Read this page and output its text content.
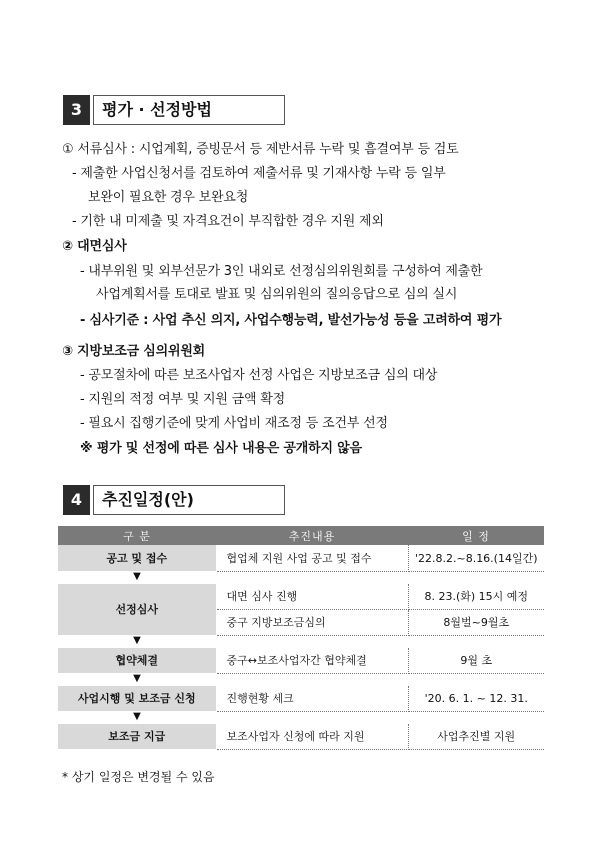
3	평가 · 선정방법
① 서류심사 : 시업계획, 증빙문서 등 제반서류 누락 및 흠결여부 등 검토
- 제출한 사업신청서를 검토하여 제출서류 및 기재사항 누락 등 일부
보완이 필요한 경우 보완요청
- 기한 내 미제출 및 자격요건이 부직합한 경우 지원 제외
② 대면심사
- 내부위원 및 외부선문가 3인 내외로 선정심의위원회를 구성하여 제출한
사업계획서를 토대로 발표 및 심의위원의 질의응답으로 심의 실시
- 심사기준 : 사업 추신 의지, 사업수행능력, 발선가능성 등을 고려하여 평가
③ 지방보조금 심의위원회
- 공모절차에 따른 보조사업자 선정 사업은 지방보조금 심의 대상
- 지원의 적정 여부 및 지원 금액 확정
- 필요시 집행기준에 맞게 사업비 재조정 등 조건부 선정
※ 평가 및 선정에 따른 심사 내용은 공개하지 않음
4	추진일정(안)
구 분	추진내용	일 정
공고 및 접수	협업체 지원 사업 공고 및 접수	'22.8.2.~8.16.(14일간)
▼		
선정심사	대면 심사 진행	8. 23.(화) 15시 예정
	중구 지방보조금심의	8월벌~9월초
▼		
협약체결	중구↔보조사업자간 협약체결	9월 초
▼		
사업시행 및 보조금 신청	진행현황 세크	'20. 6. 1. ~ 12. 31.
▼		
보조금 지급	보조사업자 신청에 따라 지원	사업추진별 지원
* 상기 일정은 변경될 수 있음
